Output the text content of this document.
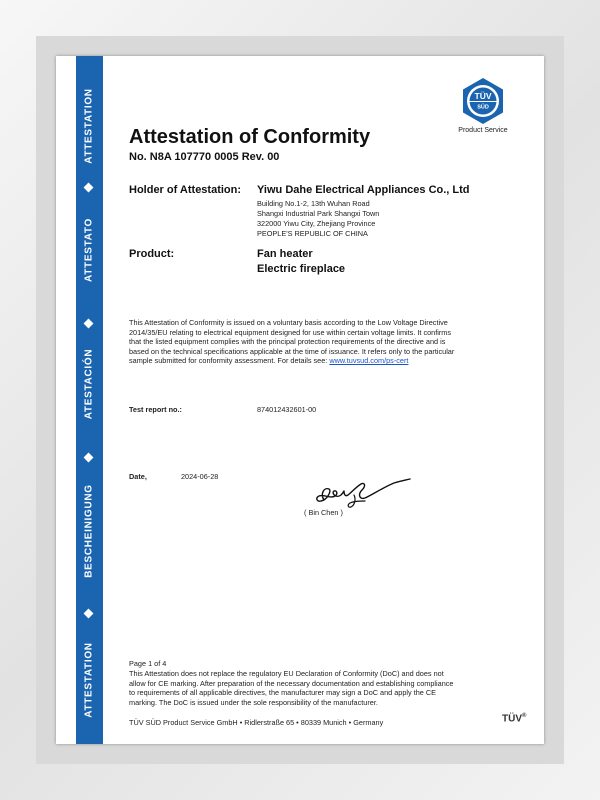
ATTESTATION
ATTESTATO
ATESTACIÓN
BESCHEINIGUNG
ATTESTATION
TÜV
SÜD
Product Service
Attestation of Conformity
No. N8A 107770 0005 Rev. 00
Holder of Attestation: Yiwu Dahe Electrical Appliances Co., Ltd
Building No.1-2, 13th Wuhan Road
Shangxi Industrial Park Shangxi Town
322000 Yiwu City, Zhejiang Province
PEOPLE'S REPUBLIC OF CHINA
Product:	Fan heater
Electric fireplace
This Attestation of Conformity is issued on a voluntary basis according to the Low Voltage Directive
2014/35/EU relating to electrical equipment designed for use within certain voltage limits. It confirms
that the listed equipment complies with the principal protection requirements of the directive and is
based on the technical specifications applicable at the time of issuance. It refers only to the particular
sample submitted for conformity assessment. For details see: www.tuvsud.com/ps-cert
Test report no.:	874012432601-00
Date,	2024-06-28
( Bin Chen )
Page 1 of 4
This Attestation does not replace the regulatory EU Declaration of Conformity (DoC) and does not
allow for CE marking. After preparation of the necessary documentation and establishing compliance
to requirements of all applicable directives, the manufacturer may sign a DoC and apply the CE
marking. The DoC is issued under the sole responsibility of the manufacturer.
TÜV SÜD Product Service GmbH • Ridlerstraße 65 • 80339 Munich • Germany	TÜV®
